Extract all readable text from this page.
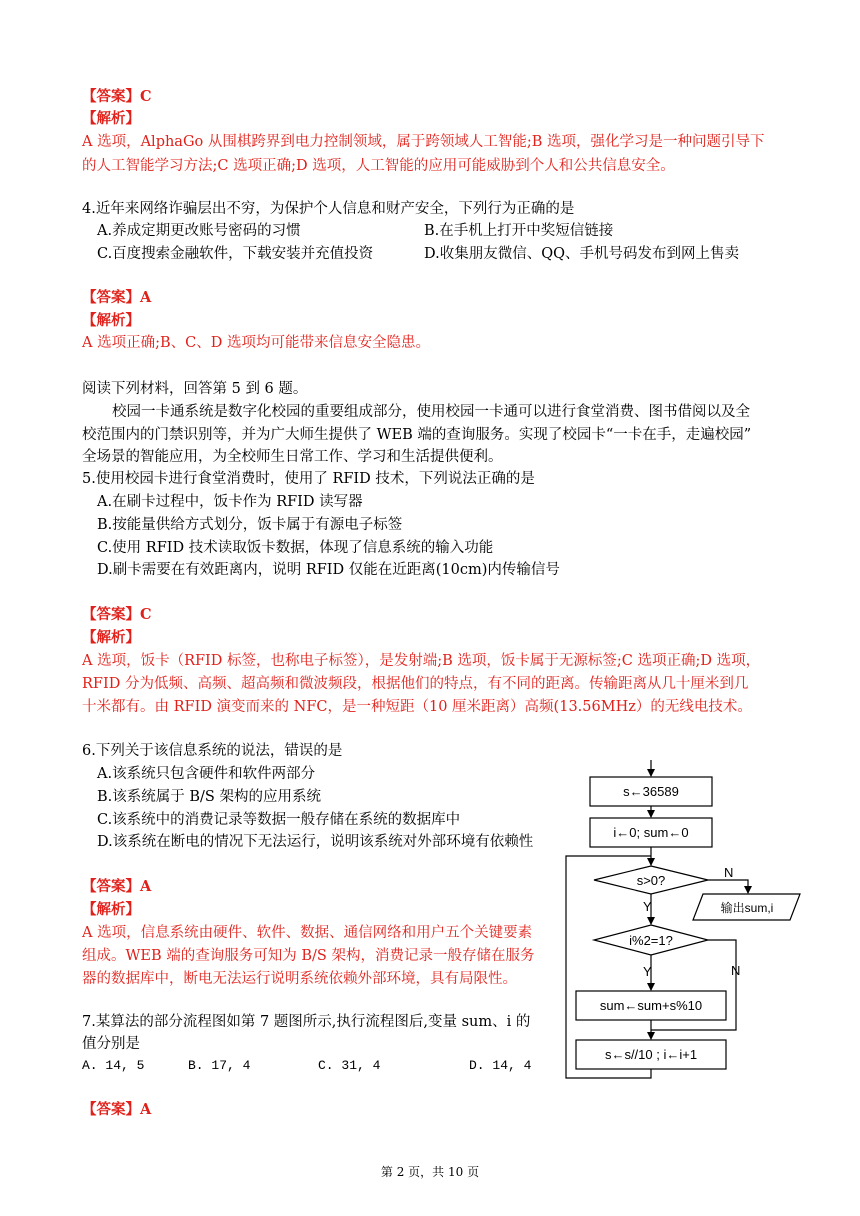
【答案】C
【解析】
A 选项，AlphaGo 从围棋跨界到电力控制领域，属于跨领域人工智能;B 选项，强化学习是一种问题引导下
的人工智能学习方法;C 选项正确;D 选项，人工智能的应用可能威胁到个人和公共信息安全。
4.近年来网络诈骗层出不穷，为保护个人信息和财产安全，下列行为正确的是
A.养成定期更改账号密码的习惯	B.在手机上打开中奖短信链接
C.百度搜索金融软件，下载安装并充值投资	D.收集朋友微信、QQ、手机号码发布到网上售卖
【答案】A
【解析】
A 选项正确;B、C、D 选项均可能带来信息安全隐患。
阅读下列材料，回答第 5 到 6 题。
校园一卡通系统是数字化校园的重要组成部分，使用校园一卡通可以进行食堂消费、图书借阅以及全
校范围内的门禁识别等，并为广大师生提供了 WEB 端的查询服务。实现了校园卡“一卡在手，走遍校园”
全场景的智能应用，为全校师生日常工作、学习和生活提供便利。
5.使用校园卡进行食堂消费时，使用了 RFID 技术，下列说法正确的是
A.在刷卡过程中，饭卡作为 RFID 读写器
B.按能量供给方式划分，饭卡属于有源电子标签
C.使用 RFID 技术读取饭卡数据，体现了信息系统的输入功能
D.刷卡需要在有效距离内，说明 RFID 仅能在近距离(10cm)内传输信号
【答案】C
【解析】
A 选项，饭卡（RFID 标签，也称电子标签），是发射端;B 选项，饭卡属于无源标签;C 选项正确;D 选项，
RFID 分为低频、高频、超高频和微波频段，根据他们的特点，有不同的距离。传输距离从几十厘米到几
十米都有。由 RFID 演变而来的 NFC，是一种短距（10 厘米距离）高频(13.56MHz）的无线电技术。
6.下列关于该信息系统的说法，错误的是
A.该系统只包含硬件和软件两部分
B.该系统属于 B/S 架构的应用系统
C.该系统中的消费记录等数据一般存储在系统的数据库中
D.该系统在断电的情况下无法运行，说明该系统对外部环境有依赖性
【答案】A
【解析】
A 选项，信息系统由硬件、软件、数据、通信网络和用户五个关键要素
组成。WEB 端的查询服务可知为 B/S 架构，消费记录一般存储在服务
器的数据库中，断电无法运行说明系统依赖外部环境，具有局限性。
7.某算法的部分流程图如第 7 题图所示,执行流程图后,变量 sum、i 的
值分别是
A. 14, 5	B. 17, 4	C. 31, 4	D. 14, 4
【答案】A
s←36589
i←0; sum←0
s>0?
N
输出sum,i
Y
i%2=1?
N
Y
sum←sum+s%10
s←s//10 ; i←i+1
第 2 页，共 10 页
